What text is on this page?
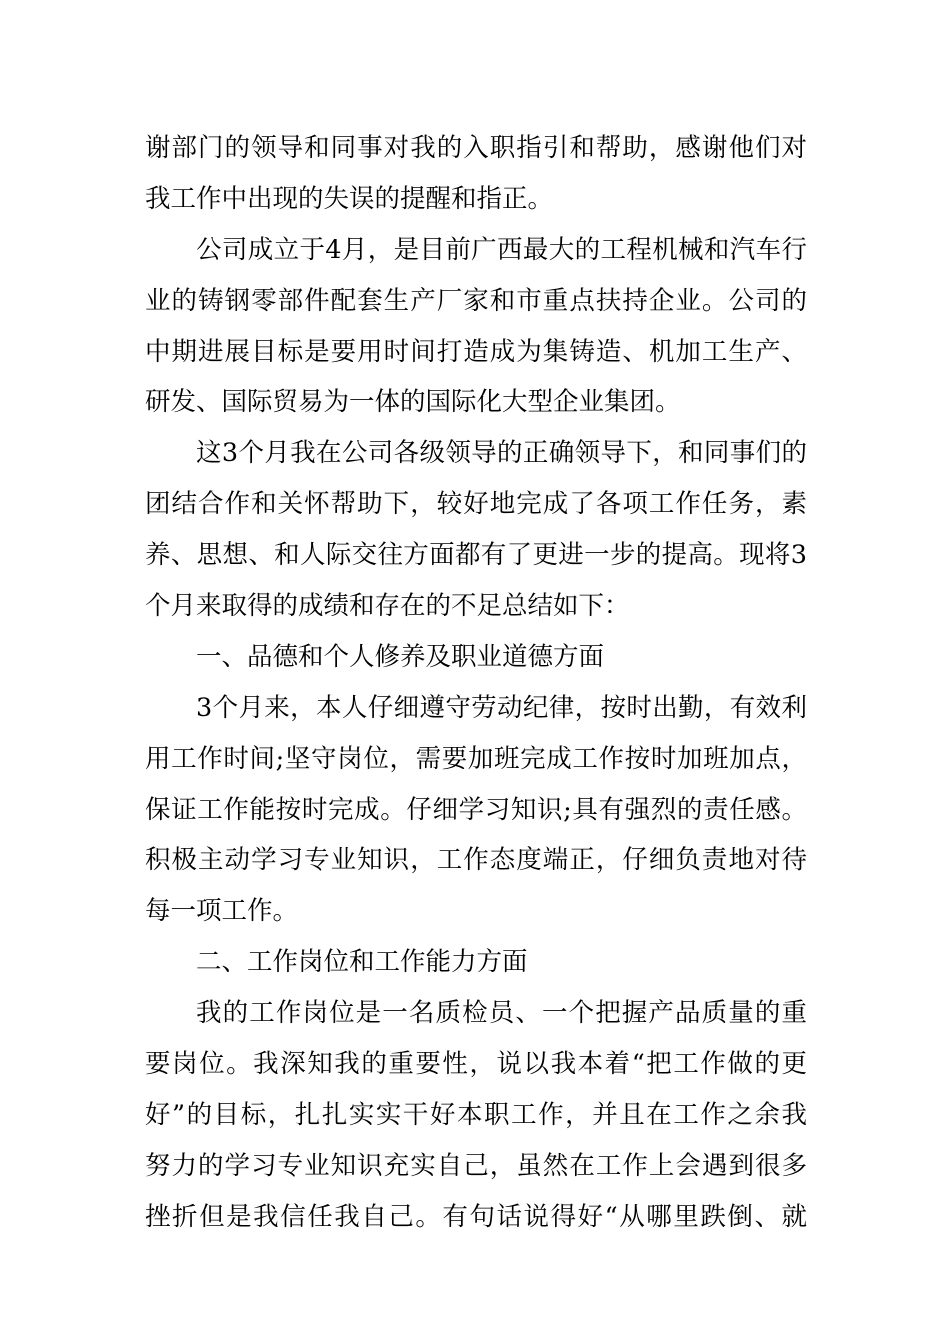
谢部门的领导和同事对我的入职指引和帮助，感谢他们对
我工作中出现的失误的提醒和指正。
公司成立于4月，是目前广西最大的工程机械和汽车行
业的铸钢零部件配套生产厂家和市重点扶持企业。公司的
中期进展目标是要用时间打造成为集铸造、机加工生产、
研发、国际贸易为一体的国际化大型企业集团。
这3个月我在公司各级领导的正确领导下，和同事们的
团结合作和关怀帮助下，较好地完成了各项工作任务，素
养、思想、和人际交往方面都有了更进一步的提高。现将3
个月来取得的成绩和存在的不足总结如下：
一、品德和个人修养及职业道德方面
3个月来，本人仔细遵守劳动纪律，按时出勤，有效利
用工作时间;坚守岗位，需要加班完成工作按时加班加点，
保证工作能按时完成。仔细学习知识;具有强烈的责任感。
积极主动学习专业知识，工作态度端正，仔细负责地对待
每一项工作。
二、工作岗位和工作能力方面
我的工作岗位是一名质检员、一个把握产品质量的重
要岗位。我深知我的重要性，说以我本着“把工作做的更
好”的目标，扎扎实实干好本职工作，并且在工作之余我
努力的学习专业知识充实自己，虽然在工作上会遇到很多
挫折但是我信任我自己。有句话说得好“从哪里跌倒、就
